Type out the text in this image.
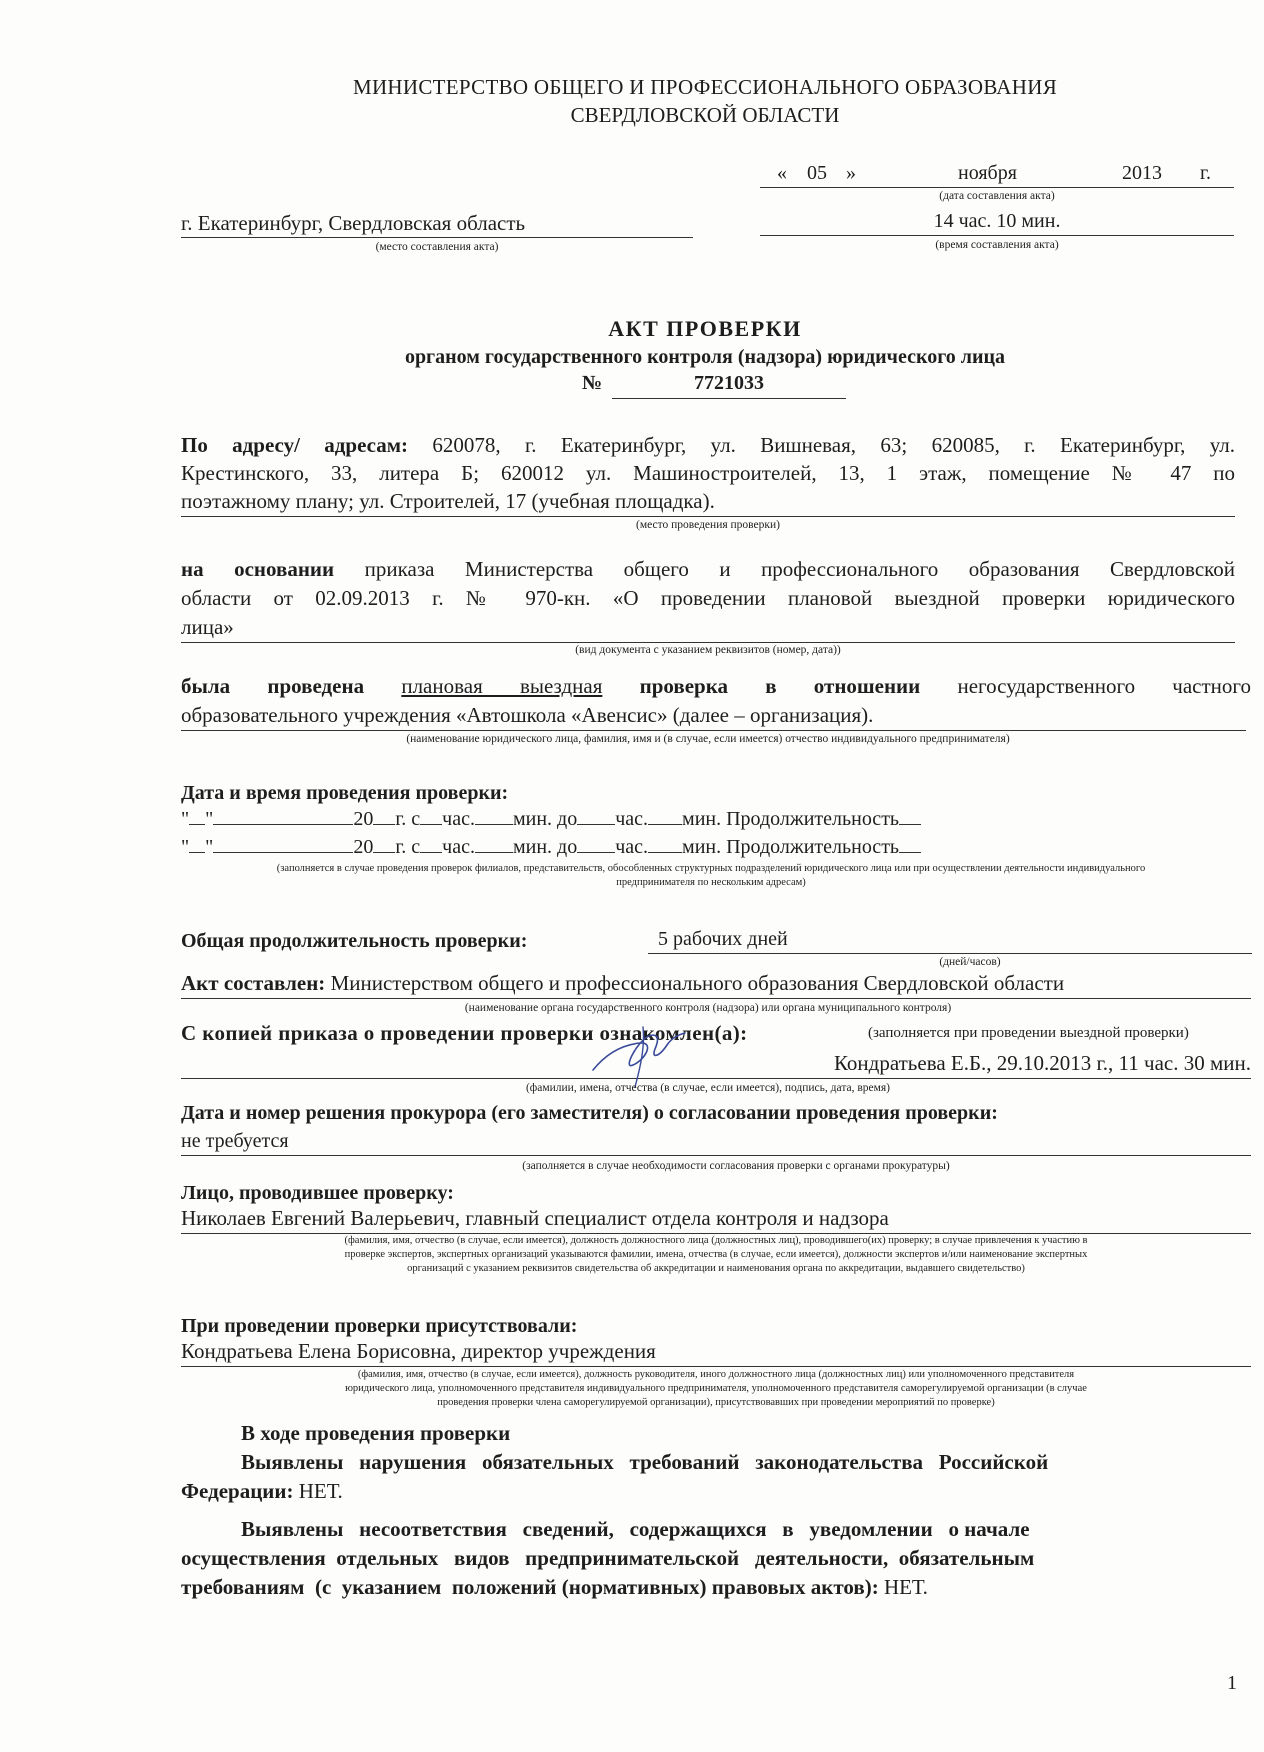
МИНИСТЕРСТВО ОБЩЕГО И ПРОФЕССИОНАЛЬНОГО ОБРАЗОВАНИЯ
СВЕРДЛОВСКОЙ ОБЛАСТИ
« 05 »	ноября	2013 г.
(дата составления акта)
г. Екатеринбург, Свердловская область
(место составления акта)
14 час. 10 мин.
(время составления акта)
АКТ ПРОВЕРКИ
органом государственного контроля (надзора) юридического лица
№	7721033
По адресу/ адресам: 620078, г. Екатеринбург, ул. Вишневая, 63; 620085, г. Екатеринбург, ул.
Крестинского, 33, литера Б; 620012 ул. Машиностроителей, 13, 1 этаж, помещение № 47 по
поэтажному плану; ул. Строителей, 17 (учебная площадка).
(место проведения проверки)
на основании приказа Министерства общего и профессионального образования Свердловской
области от 02.09.2013 г. № 970-кн. «О проведении плановой выездной проверки юридического
лица»
(вид документа с указанием реквизитов (номер, дата))
была проведена плановая выездная проверка в отношении негосударственного частного
образовательного учреждения «Автошкола «Авенсис» (далее – организация).
(наименование юридического лица, фамилия, имя и (в случае, если имеется) отчество индивидуального предпринимателя)
Дата и время проведения проверки:
" "	20 г. с час. мин. до час. мин. Продолжительность
" "	20 г. с час. мин. до час. мин. Продолжительность
(заполняется в случае проведения проверок филиалов, представительств, обособленных структурных подразделений юридического лица или при осуществлении деятельности индивидуального
предпринимателя по нескольким адресам)
Общая продолжительность проверки:	5 рабочих дней
(дней/часов)
Акт составлен: Министерством общего и профессионального образования Свердловской области
(наименование органа государственного контроля (надзора) или органа муниципального контроля)
С копией приказа о проведении проверки ознакомлен(а):	(заполняется при проведении выездной проверки)
Кондратьева Е.Б., 29.10.2013 г., 11 час. 30 мин.
(фамилии, имена, отчества (в случае, если имеется), подпись, дата, время)
Дата и номер решения прокурора (его заместителя) о согласовании проведения проверки:
не требуется
(заполняется в случае необходимости согласования проверки с органами прокуратуры)
Лицо, проводившее проверку:
Николаев Евгений Валерьевич, главный специалист отдела контроля и надзора
(фамилия, имя, отчество (в случае, если имеется), должность должностного лица (должностных лиц), проводившего(их) проверку; в случае привлечения к участию в
проверке экспертов, экспертных организаций указываются фамилии, имена, отчества (в случае, если имеется), должности экспертов и/или наименование экспертных
организаций с указанием реквизитов свидетельства об аккредитации и наименования органа по аккредитации, выдавшего свидетельство)
При проведении проверки присутствовали:
Кондратьева Елена Борисовна, директор учреждения
(фамилия, имя, отчество (в случае, если имеется), должность руководителя, иного должностного лица (должностных лиц) или уполномоченного представителя
юридического лица, уполномоченного представителя индивидуального предпринимателя, уполномоченного представителя саморегулируемой организации (в случае
проведения проверки члена саморегулируемой организации), присутствовавших при проведении мероприятий по проверке)
В ходе проведения проверки
Выявлены   нарушения   обязательных   требований   законодательства   Российской
Федерации: НЕТ.
Выявлены   несоответствия   сведений,   содержащихся   в   уведомлении   о начале
осуществления  отдельных   видов   предпринимательской   деятельности,  обязательным
требованиям  (с  указанием  положений (нормативных) правовых актов): НЕТ.
1
